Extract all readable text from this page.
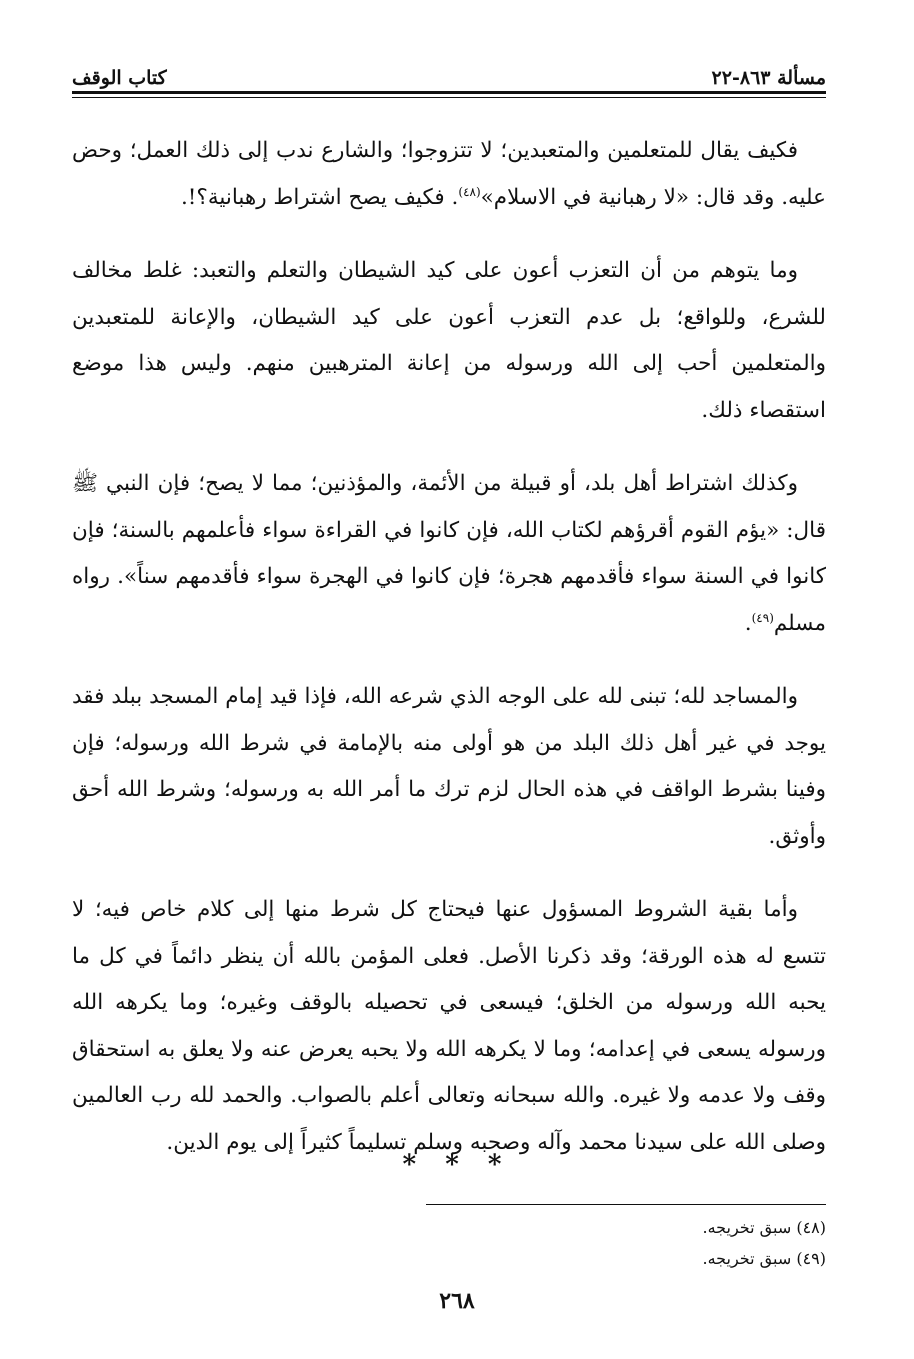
مسألة ٨٦٣-٢٢
كتاب الوقف

فكيف يقال للمتعلمين والمتعبدين؛ لا تتزوجوا؛ والشارع ندب إلى ذلك العمل؛ وحض عليه. وقد قال: «لا رهبانية في الاسلام»$^{(٤٨)}$. فكيف يصح اشتراط رهبانية؟!.

وما يتوهم من أن التعزب أعون على كيد الشيطان والتعلم والتعبد: غلط مخالف للشرع، وللواقع؛ بل عدم التعزب أعون على كيد الشيطان، والإعانة للمتعبدين والمتعلمين أحب إلى الله ورسوله من إعانة المترهبين منهم. وليس هذا موضع استقصاء ذلك.

وكذلك اشتراط أهل بلد، أو قبيلة من الأئمة، والمؤذنين؛ مما لا يصح؛ فإن النبي ﷺ قال: «يؤم القوم أقرؤهم لكتاب الله، فإن كانوا في القراءة سواء فأعلمهم بالسنة؛ فإن كانوا في السنة سواء فأقدمهم هجرة؛ فإن كانوا في الهجرة سواء فأقدمهم سناً». رواه مسلم$^{(٤٩)}$.

والمساجد لله؛ تبنى لله على الوجه الذي شرعه الله، فإذا قيد إمام المسجد ببلد فقد يوجد في غير أهل ذلك البلد من هو أولى منه بالإمامة في شرط الله ورسوله؛ فإن وفينا بشرط الواقف في هذه الحال لزم ترك ما أمر الله به ورسوله؛ وشرط الله أحق وأوثق.

وأما بقية الشروط المسؤول عنها فيحتاج كل شرط منها إلى كلام خاص فيه؛ لا تتسع له هذه الورقة؛ وقد ذكرنا الأصل. فعلى المؤمن بالله أن ينظر دائماً في كل ما يحبه الله ورسوله من الخلق؛ فيسعى في تحصيله بالوقف وغيره؛ وما يكرهه الله ورسوله يسعى في إعدامه؛ وما لا يكرهه الله ولا يحبه يعرض عنه ولا يعلق به استحقاق وقف ولا عدمه ولا غيره. والله سبحانه وتعالى أعلم بالصواب. والحمد لله رب العالمين وصلى الله على سيدنا محمد وآله وصحبه وسلم تسليماً كثيراً إلى يوم الدين.

* * *
(٤٨) سبق تخريجه.
(٤٩) سبق تخريجه.
٢٦٨
